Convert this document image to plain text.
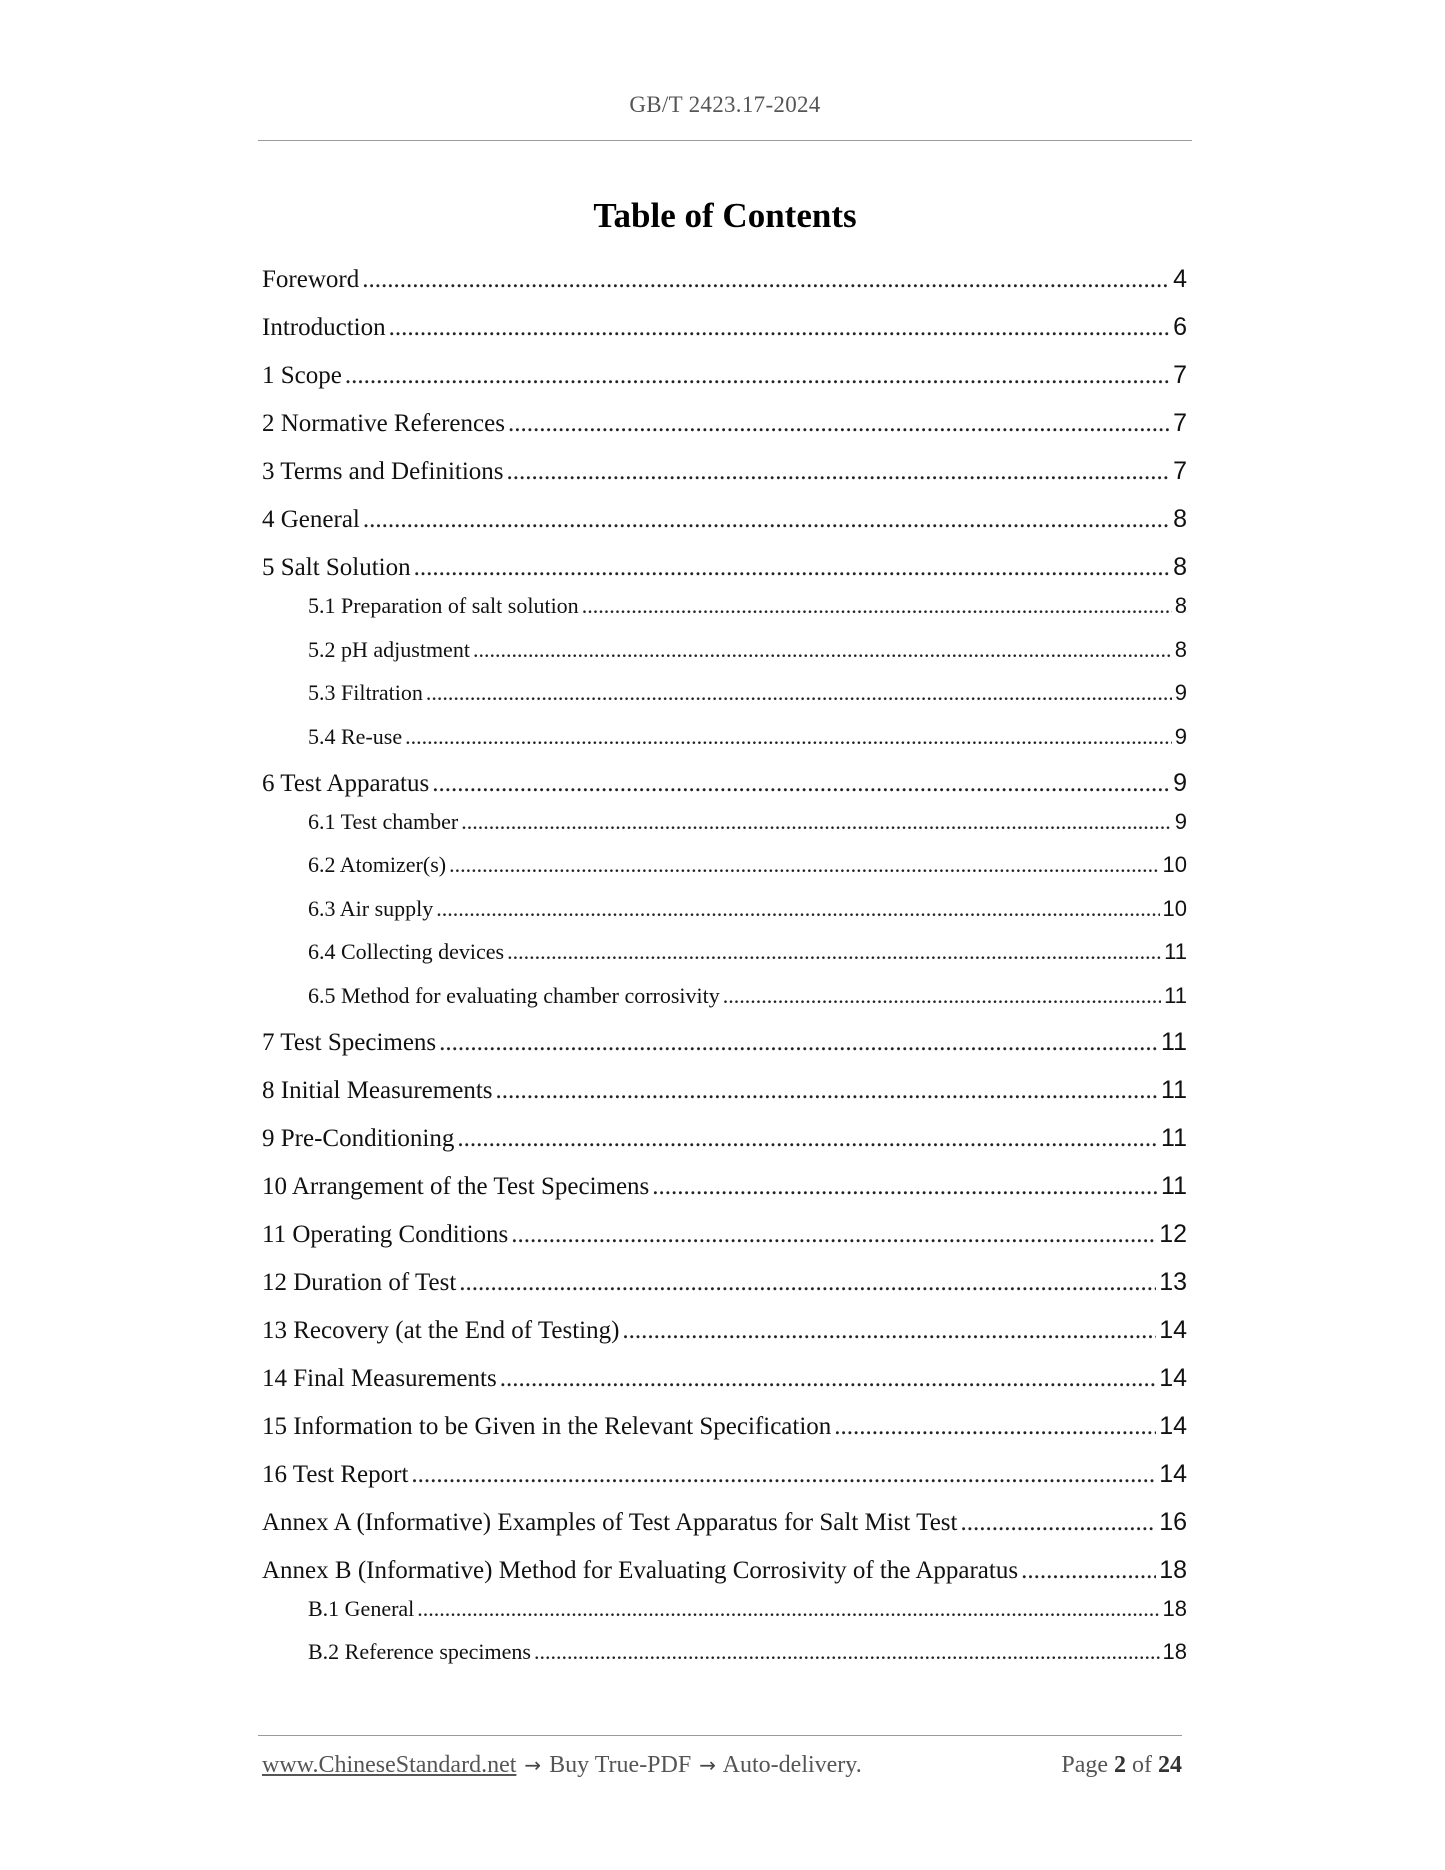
GB/T 2423.17-2024
Table of Contents
Foreword .....	4
Introduction .....	6
1 Scope .....	7
2 Normative References .....	7
3 Terms and Definitions .....	7
4 General .....	8
5 Salt Solution .....	8
5.1 Preparation of salt solution .....	8
5.2 pH adjustment .....	8
5.3 Filtration .....	9
5.4 Re-use .....	9
6 Test Apparatus .....	9
6.1 Test chamber .....	9
6.2 Atomizer(s) .....	10
6.3 Air supply .....	10
6.4 Collecting devices .....	11
6.5 Method for evaluating chamber corrosivity .....	11
7 Test Specimens .....	11
8 Initial Measurements .....	11
9 Pre-Conditioning .....	11
10 Arrangement of the Test Specimens .....	11
11 Operating Conditions .....	12
12 Duration of Test .....	13
13 Recovery (at the End of Testing) .....	14
14 Final Measurements .....	14
15 Information to be Given in the Relevant Specification .....	14
16 Test Report .....	14
Annex A (Informative) Examples of Test Apparatus for Salt Mist Test .....	16
Annex B (Informative) Method for Evaluating Corrosivity of the Apparatus .....	18
B.1 General .....	18
B.2 Reference specimens .....	18
www.ChineseStandard.net → Buy True-PDF → Auto-delivery.	Page 2 of 24
